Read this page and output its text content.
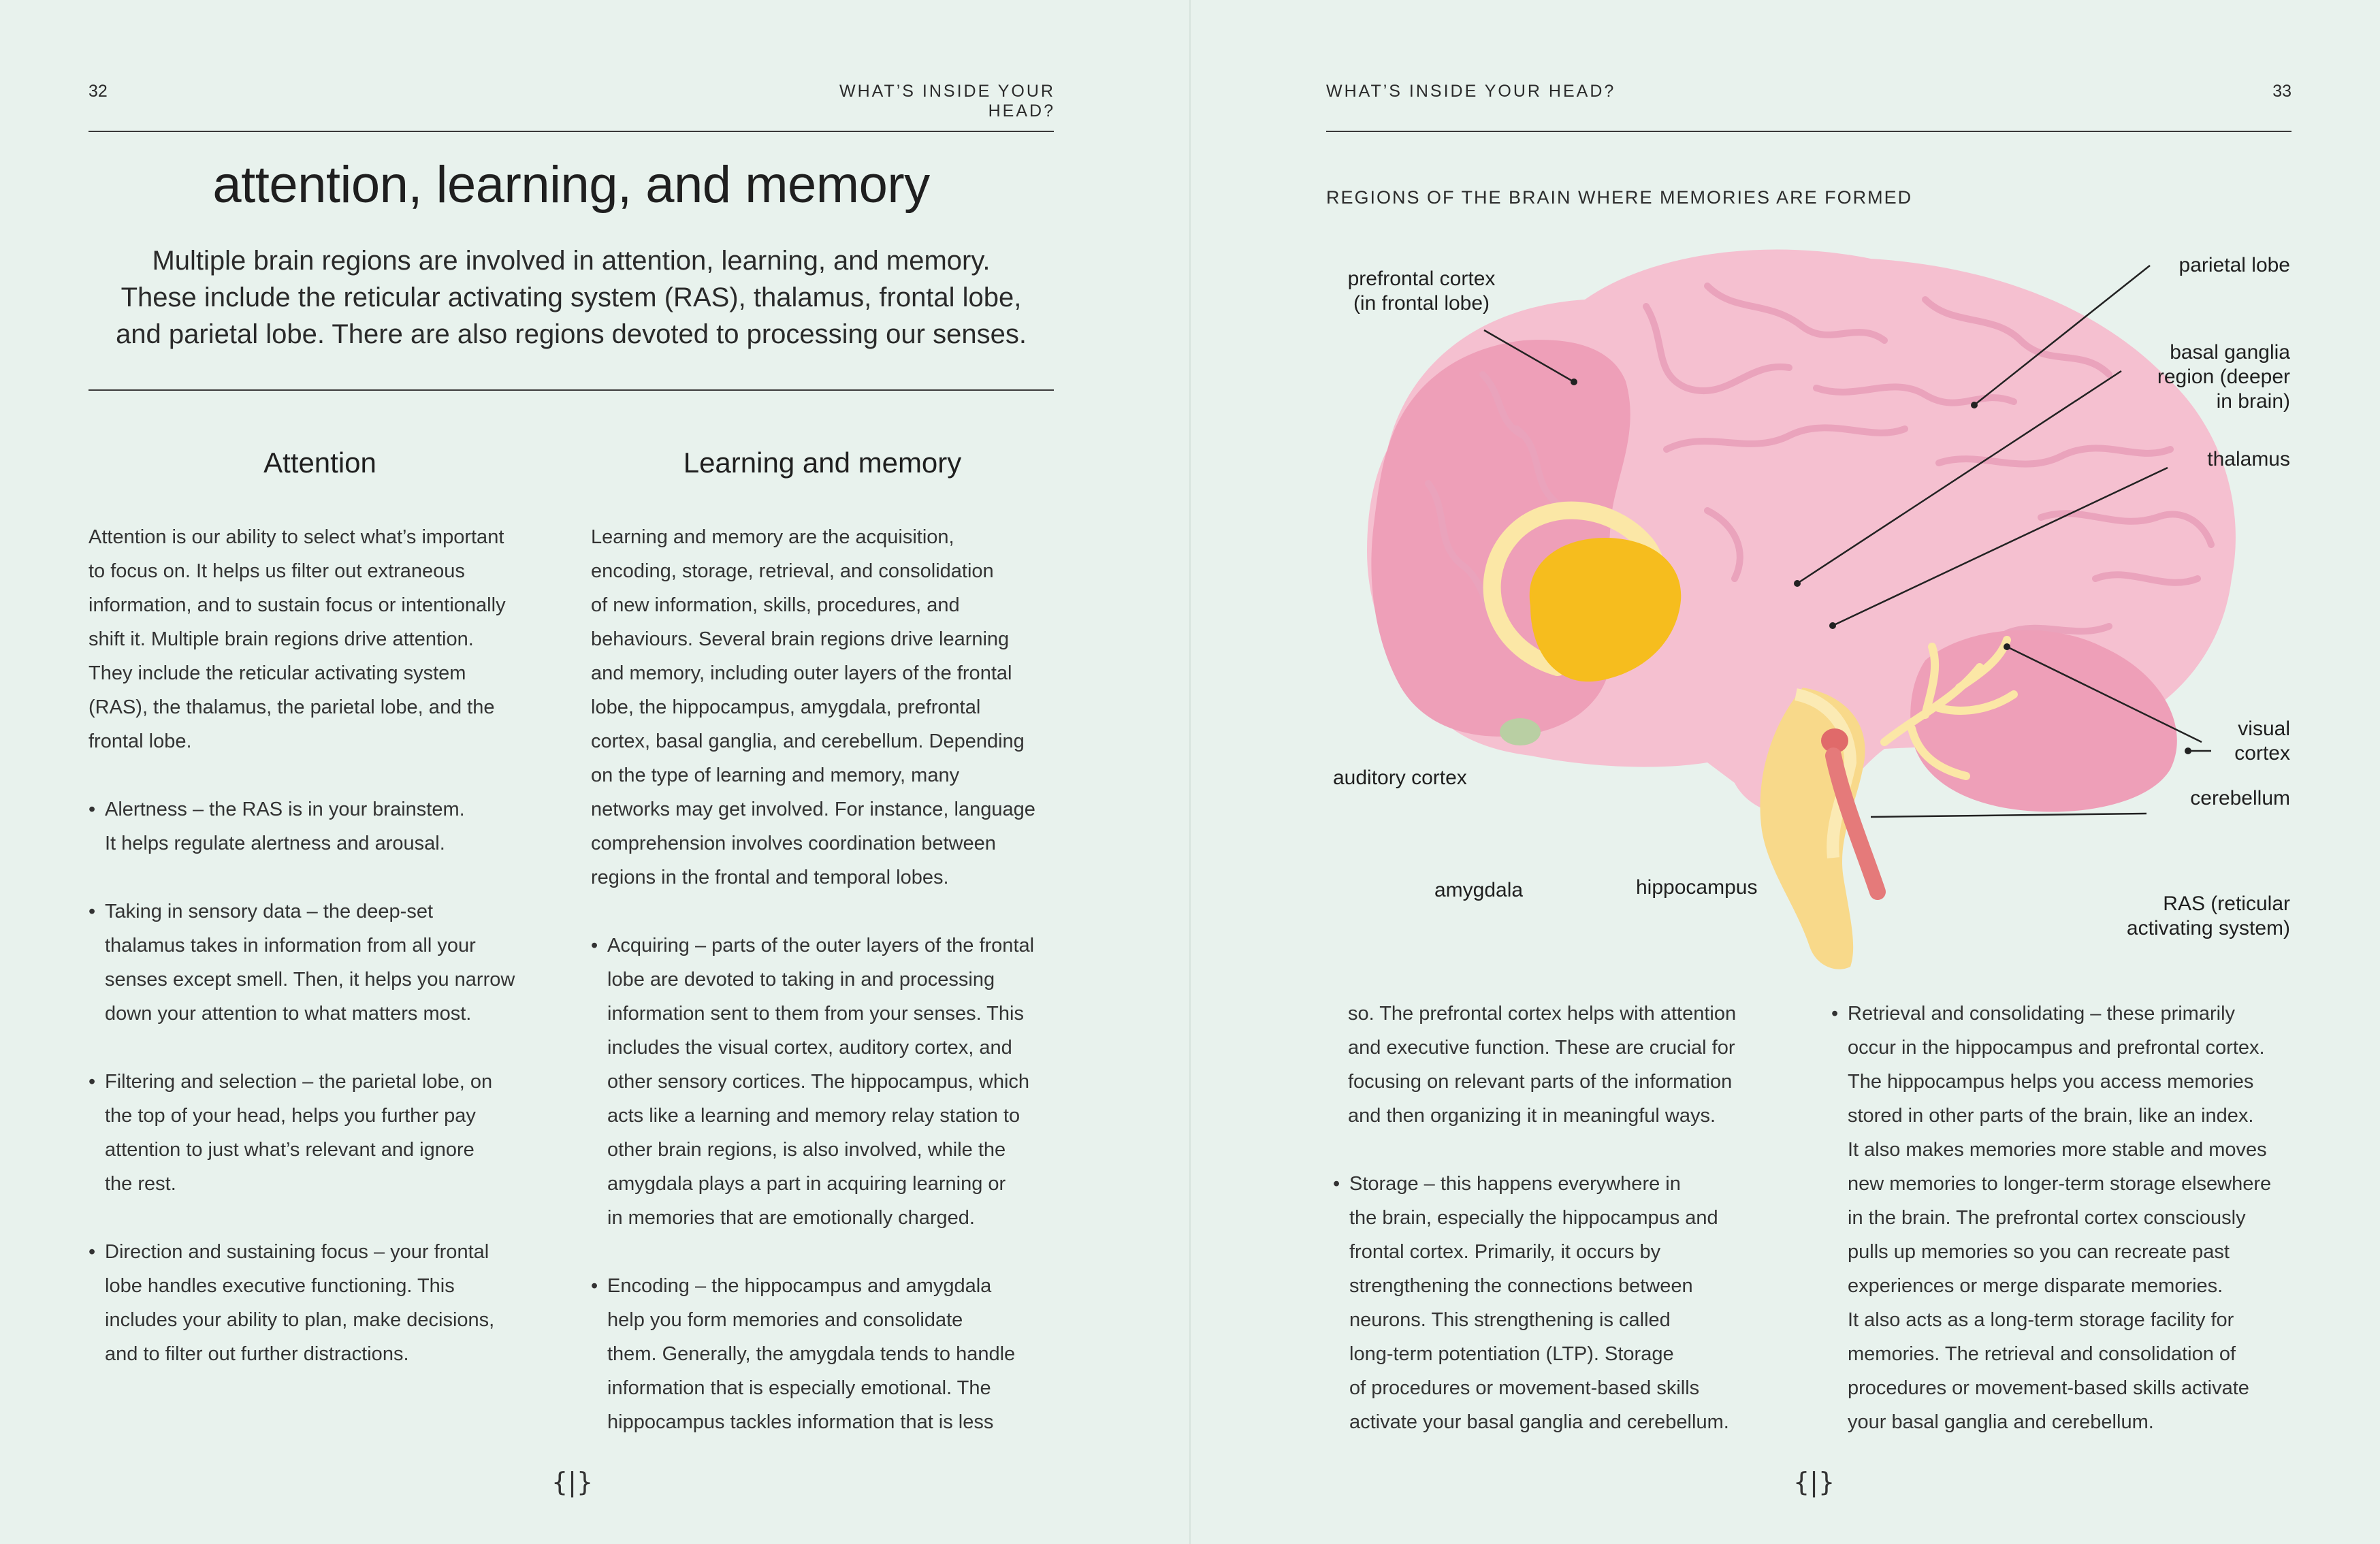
32	WHAT’S INSIDE YOUR HEAD?
attention, learning, and memory
Multiple brain regions are involved in attention, learning, and memory.
These include the reticular activating system (RAS), thalamus, frontal lobe,
and parietal lobe. There are also regions devoted to processing our senses.
Attention
Attention is our ability to select what’s important
to focus on. It helps us filter out extraneous
information, and to sustain focus or intentionally
shift it. Multiple brain regions drive attention.
They include the reticular activating system
(RAS), the thalamus, the parietal lobe, and the
frontal lobe.
• Alertness – the RAS is in your brainstem.
It helps regulate alertness and arousal.
• Taking in sensory data – the deep-set
thalamus takes in information from all your
senses except smell. Then, it helps you narrow
down your attention to what matters most.
• Filtering and selection – the parietal lobe, on
the top of your head, helps you further pay
attention to just what’s relevant and ignore
the rest.
• Direction and sustaining focus – your frontal
lobe handles executive functioning. This
includes your ability to plan, make decisions,
and to filter out further distractions.
Learning and memory
Learning and memory are the acquisition,
encoding, storage, retrieval, and consolidation
of new information, skills, procedures, and
behaviours. Several brain regions drive learning
and memory, including outer layers of the frontal
lobe, the hippocampus, amygdala, prefrontal
cortex, basal ganglia, and cerebellum. Depending
on the type of learning and memory, many
networks may get involved. For instance, language
comprehension involves coordination between
regions in the frontal and temporal lobes.
• Acquiring – parts of the outer layers of the frontal
lobe are devoted to taking in and processing
information sent to them from your senses. This
includes the visual cortex, auditory cortex, and
other sensory cortices. The hippocampus, which
acts like a learning and memory relay station to
other brain regions, is also involved, while the
amygdala plays a part in acquiring learning or
in memories that are emotionally charged.
• Encoding – the hippocampus and amygdala
help you form memories and consolidate
them. Generally, the amygdala tends to handle
information that is especially emotional. The
hippocampus tackles information that is less
{|}
WHAT’S INSIDE YOUR HEAD?	33
REGIONS OF THE BRAIN WHERE MEMORIES ARE FORMED
prefrontal cortex
(in frontal lobe)
parietal lobe
basal ganglia
region (deeper
in brain)
thalamus
visual
cortex
cerebellum
auditory cortex
amygdala	hippocampus
RAS (reticular
activating system)
so. The prefrontal cortex helps with attention
and executive function. These are crucial for
focusing on relevant parts of the information
and then organizing it in meaningful ways.
• Storage – this happens everywhere in
the brain, especially the hippocampus and
frontal cortex. Primarily, it occurs by
strengthening the connections between
neurons. This strengthening is called
long-term potentiation (LTP). Storage
of procedures or movement-based skills
activate your basal ganglia and cerebellum.
• Retrieval and consolidating – these primarily
occur in the hippocampus and prefrontal cortex.
The hippocampus helps you access memories
stored in other parts of the brain, like an index.
It also makes memories more stable and moves
new memories to longer-term storage elsewhere
in the brain. The prefrontal cortex consciously
pulls up memories so you can recreate past
experiences or merge disparate memories.
It also acts as a long-term storage facility for
memories. The retrieval and consolidation of
procedures or movement-based skills activate
your basal ganglia and cerebellum.
{|}
